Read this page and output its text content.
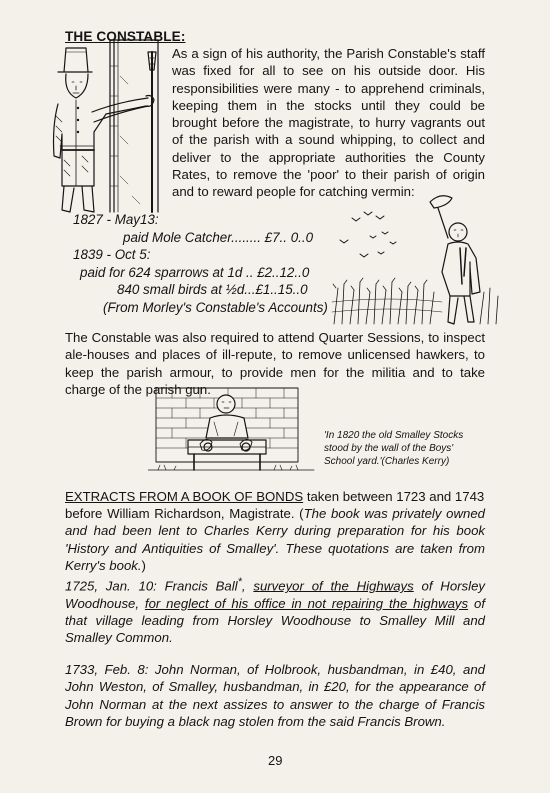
THE CONSTABLE:
As a sign of his authority, the Parish Constable's staff was fixed for all to see on his outside door. His responsibilities were many - to apprehend criminals, keeping them in the stocks until they could be brought before the magistrate, to hurry vagrants out of the parish with a sound whipping, to collect and deliver to the appropriate authorities the County Rates, to remove the 'poor' to their parish of origin and to reward people for catching vermin:
1827 - May13:
paid Mole Catcher........ £7.. 0..0
1839 - Oct 5:
paid for 624 sparrows at 1d .. £2..12..0
840 small birds at ½d...£1..15..0
(From Morley's Constable's Accounts)
The Constable was also required to attend Quarter Sessions, to inspect ale-houses and places of ill-repute, to remove unlicensed hawkers, to keep the parish armour, to provide men for the militia and to take charge of the parish gun.
'In 1820 the old Smalley Stocks stood by the wall of the Boys' School yard.'(Charles Kerry)
EXTRACTS FROM A BOOK OF BONDS taken between 1723 and 1743
before William Richardson, Magistrate. (The book was privately owned and had been lent to Charles Kerry during preparation for his book 'History and Antiquities of Smalley'. These quotations are taken from Kerry's book.)
1725, Jan. 10: Francis Ball*, surveyor of the Highways of Horsley Woodhouse, for neglect of his office in not repairing the highways of that village leading from Horsley Woodhouse to Smalley Mill and Smalley Common.
1733, Feb. 8: John Norman, of Holbrook, husbandman, in £40, and John Weston, of Smalley, husbandman, in £20, for the appearance of John Norman at the next assizes to answer to the charge of Francis Brown for buying a black nag stolen from the said Francis Brown.
29
